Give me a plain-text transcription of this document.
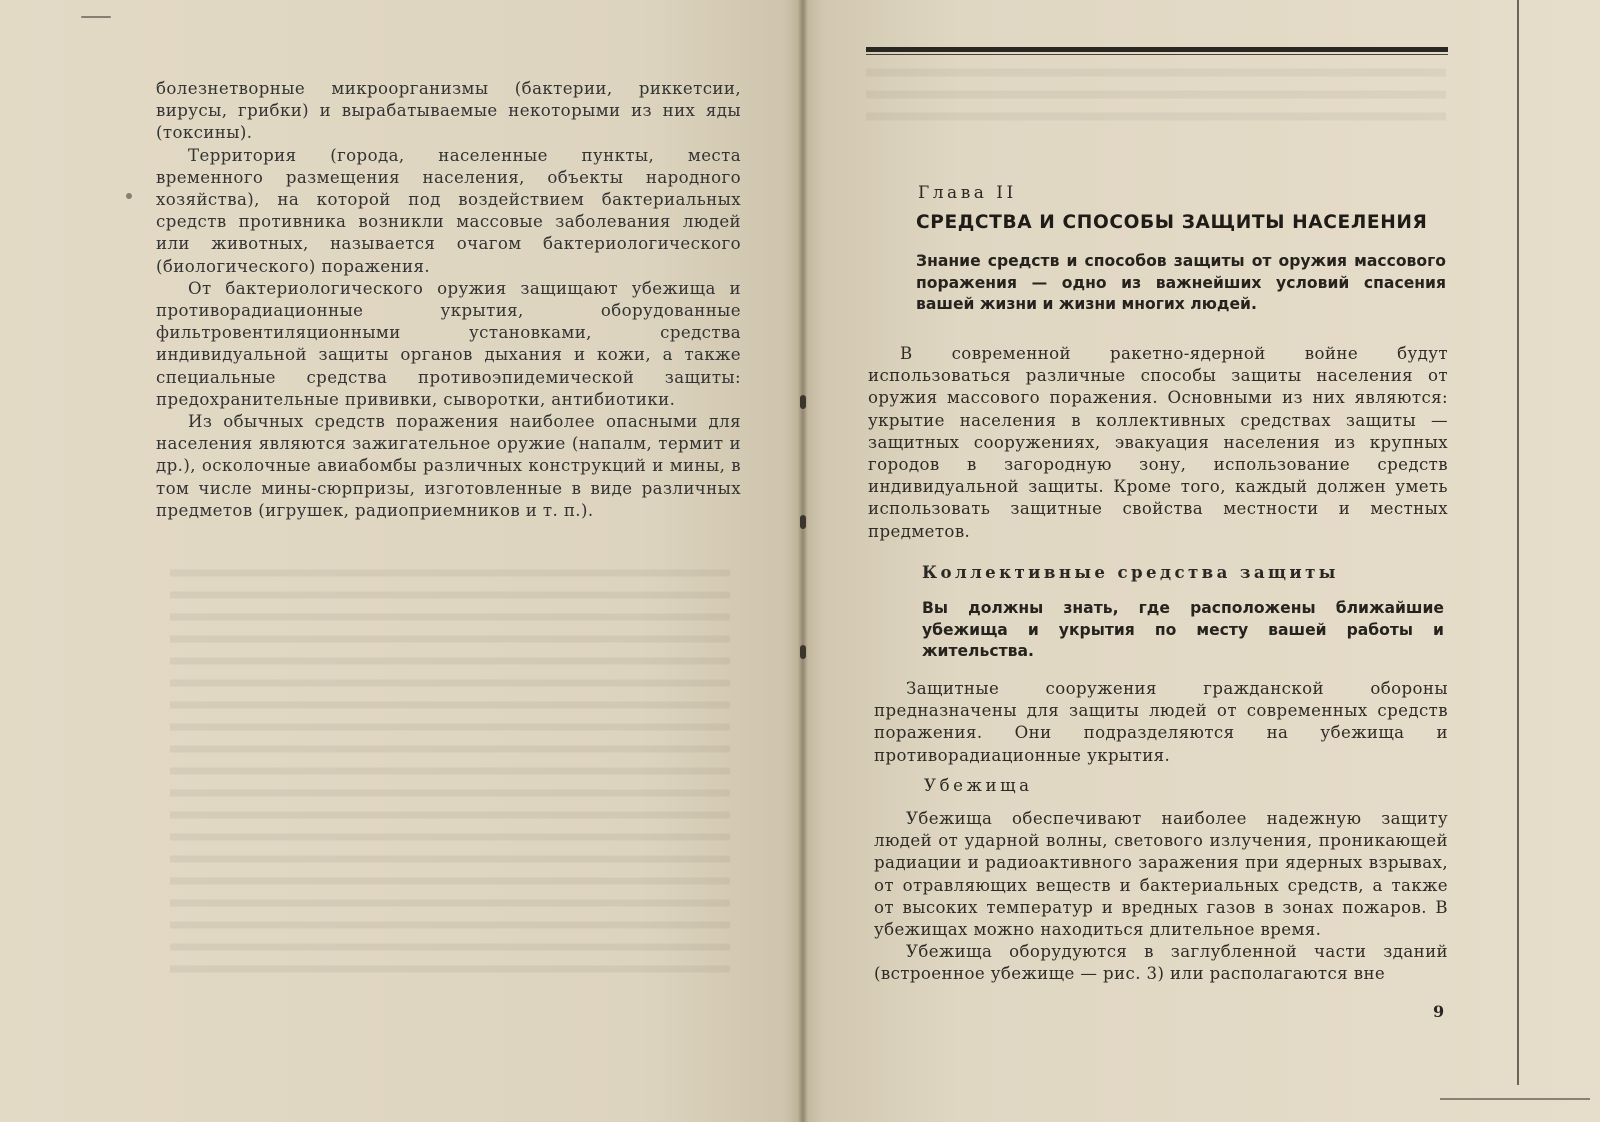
болезнетворные микроорганизмы (бактерии, риккетсии, вирусы, грибки) и вырабатываемые некоторыми из них яды (токсины).

Территория (города, населенные пункты, места временного размещения населения, объекты народного хозяйства), на которой под воздействием бактериальных средств противника возникли массовые заболевания людей или животных, называется очагом бактериологического (биологического) поражения.

От бактериологического оружия защищают убежища и противорадиационные укрытия, оборудованные фильтровентиляционными установками, средства индивидуальной защиты органов дыхания и кожи, а также специальные средства противоэпидемической защиты: предохранительные прививки, сыворотки, антибиотики.

Из обычных средств поражения наиболее опасными для населения являются зажигательное оружие (напалм, термит и др.), осколочные авиабомбы различных конструкций и мины, в том числе мины-сюрпризы, изготовленные в виде различных предметов (игрушек, радиоприемников и т. п.).

Глава II
СРЕДСТВА И СПОСОБЫ ЗАЩИТЫ НАСЕЛЕНИЯ
Знание средств и способов защиты от оружия массового поражения — одно из важнейших условий спасения вашей жизни и жизни многих людей.

В современной ракетно-ядерной войне будут использоваться различные способы защиты населения от оружия массового поражения. Основными из них являются: укрытие населения в коллективных средствах защиты — защитных сооружениях, эвакуация населения из крупных городов в загородную зону, использование средств индивидуальной защиты. Кроме того, каждый должен уметь использовать защитные свойства местности и местных предметов.

Коллективные средства защиты
Вы должны знать, где расположены ближайшие убежища и укрытия по месту вашей работы и жительства.

Защитные сооружения гражданской обороны предназначены для защиты людей от современных средств поражения. Они подразделяются на убежища и противорадиационные укрытия.

Убежища

Убежища обеспечивают наиболее надежную защиту людей от ударной волны, светового излучения, проникающей радиации и радиоактивного заражения при ядерных взрывах, от отравляющих веществ и бактериальных средств, а также от высоких температур и вредных газов в зонах пожаров. В убежищах можно находиться длительное время.

Убежища оборудуются в заглубленной части зданий (встроенное убежище — рис. 3) или располагаются вне

9
